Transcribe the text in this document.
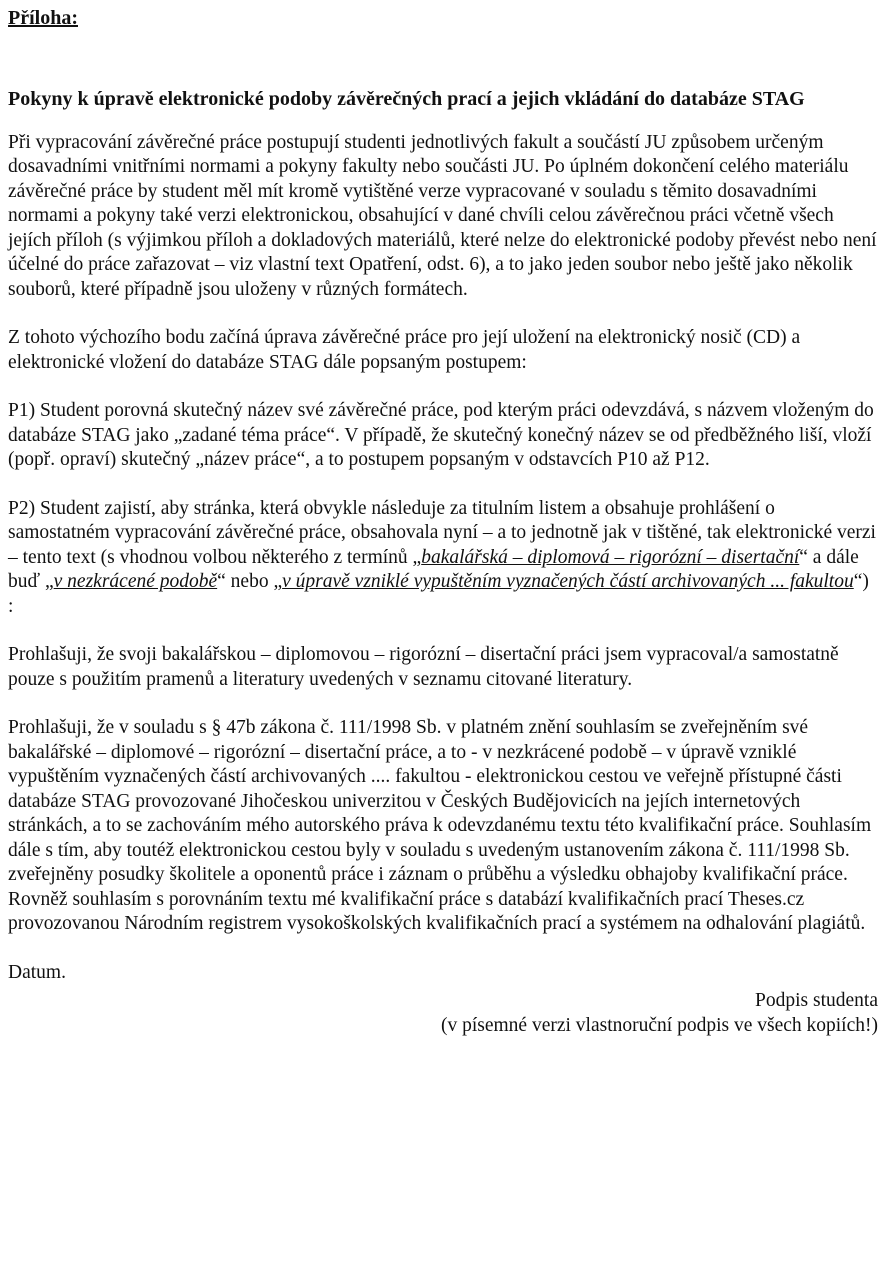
Příloha:

Pokyny k úpravě elektronické podoby závěrečných prací a jejich vkládání do databáze STAG

Při vypracování závěrečné práce postupují studenti jednotlivých fakult a součástí JU způsobem určeným dosavadními vnitřními normami a pokyny fakulty nebo součásti JU. Po úplném dokončení celého materiálu závěrečné práce by student měl mít kromě vytištěné verze vypracované v souladu s těmito dosavadními normami a pokyny také verzi elektronickou, obsahující v dané chvíli celou závěrečnou práci včetně všech jejích příloh (s výjimkou příloh a dokladových materiálů, které nelze do elektronické podoby převést nebo není účelné do práce zařazovat – viz vlastní text Opatření, odst. 6), a to jako jeden soubor nebo ještě jako několik souborů, které případně jsou uloženy v různých formátech.

Z tohoto výchozího bodu začíná úprava závěrečné práce pro její uložení na elektronický nosič (CD) a elektronické vložení do databáze STAG dále popsaným postupem:

P1) Student porovná skutečný název své závěrečné práce, pod kterým práci odevzdává, s názvem vloženým do databáze STAG jako „zadané téma práce“. V případě, že skutečný konečný název se od předběžného liší, vloží (popř. opraví) skutečný „název práce“, a to postupem popsaným v odstavcích P10 až P12.

P2) Student zajistí, aby stránka, která obvykle následuje za titulním listem a obsahuje prohlášení o samostatném vypracování závěrečné práce, obsahovala nyní – a to jednotně jak v tištěné, tak elektronické verzi – tento text (s vhodnou volbou některého z termínů „bakalářská – diplomová – rigorózní – disertační“ a dále buď „v nezkrácené podobě“ nebo „v úpravě vzniklé vypuštěním vyznačených částí archivovaných ... fakultou“) :

Prohlašuji, že svoji bakalářskou – diplomovou – rigorózní – disertační práci jsem vypracoval/a samostatně pouze s použitím pramenů a literatury uvedených v seznamu citované literatury.

Prohlašuji, že v souladu s § 47b zákona č. 111/1998 Sb. v platném znění souhlasím se zveřejněním své bakalářské – diplomové – rigorózní – disertační práce, a to - v nezkrácené podobě – v úpravě vzniklé vypuštěním vyznačených částí archivovaných .... fakultou - elektronickou cestou ve veřejně přístupné části databáze STAG provozované Jihočeskou univerzitou v Českých Budějovicích na jejích internetových stránkách, a to se zachováním mého autorského práva k odevzdanému textu této kvalifikační práce. Souhlasím dále s tím, aby toutéž elektronickou cestou byly v souladu s uvedeným ustanovením zákona č. 111/1998 Sb. zveřejněny posudky školitele a oponentů práce i záznam o průběhu a výsledku obhajoby kvalifikační práce. Rovněž souhlasím s porovnáním textu mé kvalifikační práce s databází kvalifikačních prací Theses.cz provozovanou Národním registrem vysokoškolských kvalifikačních prací a systémem na odhalování plagiátů.

Datum.

Podpis studenta

(v písemné verzi vlastnoruční podpis ve všech kopiích!)
